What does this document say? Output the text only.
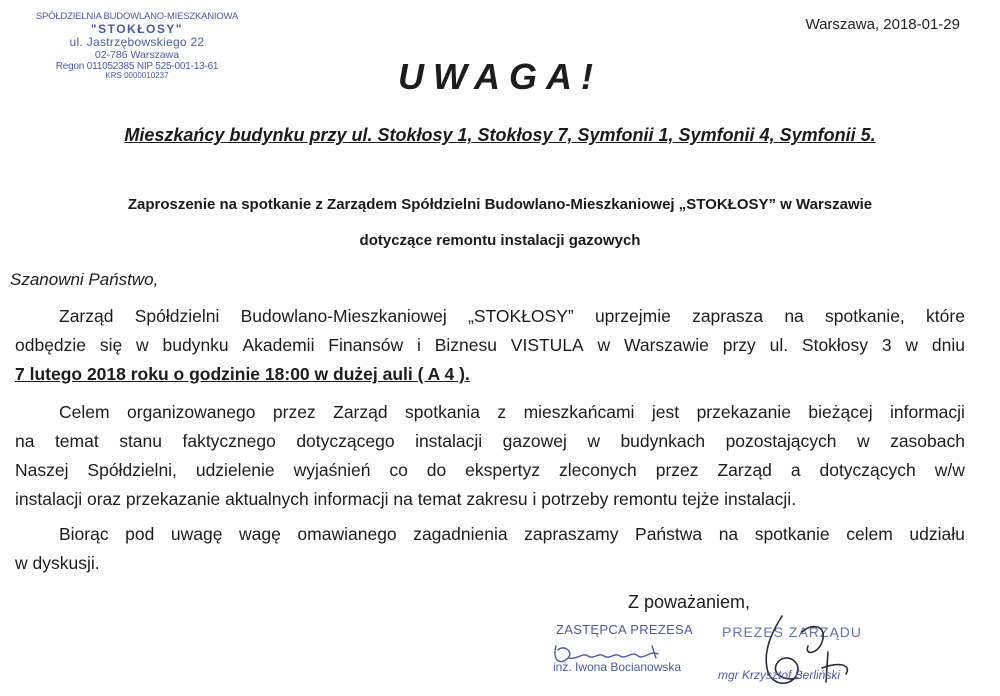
SPÓŁDZIELNIA BUDOWLANO-MIESZKANIOWA
"STOKŁOSY"
ul. Jastrzębowskiego 22
02-786 Warszawa
Regon 011052385 NIP 525-001-13-61
KRS 0000010237
Warszawa, 2018-01-29
UWAGA!
Mieszkańcy budynku przy ul. Stokłosy 1, Stokłosy 7, Symfonii 1, Symfonii 4, Symfonii 5.
Zaproszenie na spotkanie z Zarządem Spółdzielni Budowlano-Mieszkaniowej „STOKŁOSY” w Warszawie
dotyczące remontu instalacji gazowych
Szanowni Państwo,
Zarząd Spółdzielni Budowlano-Mieszkaniowej „STOKŁOSY” uprzejmie zaprasza na spotkanie, które
odbędzie się w budynku Akademii Finansów i Biznesu VISTULA w Warszawie przy ul. Stokłosy 3 w dniu
7 lutego 2018 roku o godzinie 18:00 w dużej auli ( A 4 ).
Celem organizowanego przez Zarząd spotkania z mieszkańcami jest przekazanie bieżącej informacji
na temat stanu faktycznego dotyczącego instalacji gazowej w budynkach pozostających w zasobach
Naszej Spółdzielni, udzielenie wyjaśnień co do ekspertyz zleconych przez Zarząd a dotyczących w/w
instalacji oraz przekazanie aktualnych informacji na temat zakresu i potrzeby remontu tejże instalacji.
Biorąc pod uwagę wagę omawianego zagadnienia zapraszamy Państwa na spotkanie celem udziału
w dyskusji.
Z poważaniem,
ZASTĘPCA PREZESA
inż. Iwona Bocianowska
PREZES ZARZĄDU
mgr Krzysztof Berliński
